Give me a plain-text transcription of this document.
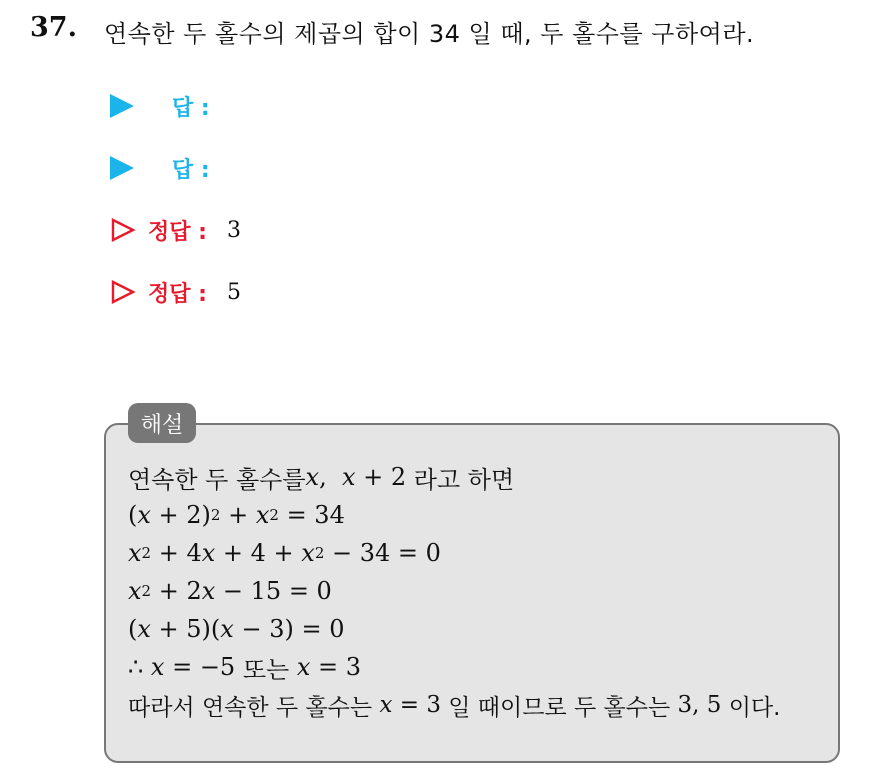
37. 연속한 두 홀수의 제곱의 합이 34 일 때, 두 홀수를 구하여라.
답 :
답 :
정답 : 3
정답 : 5
해설
연속한 두 홀수를 x , x + 2 라고 하면
( x + 2) 2 + x 2 = 34
x 2 + 4 x + 4 + x 2 − 34 = 0
x 2 + 2 x − 15 = 0
( x + 5)( x − 3) = 0
∴ x = −5 또는 x = 3
따라서 연속한 두 홀수는 x = 3 일 때이므로 두 홀수는 3, 5 이다.
